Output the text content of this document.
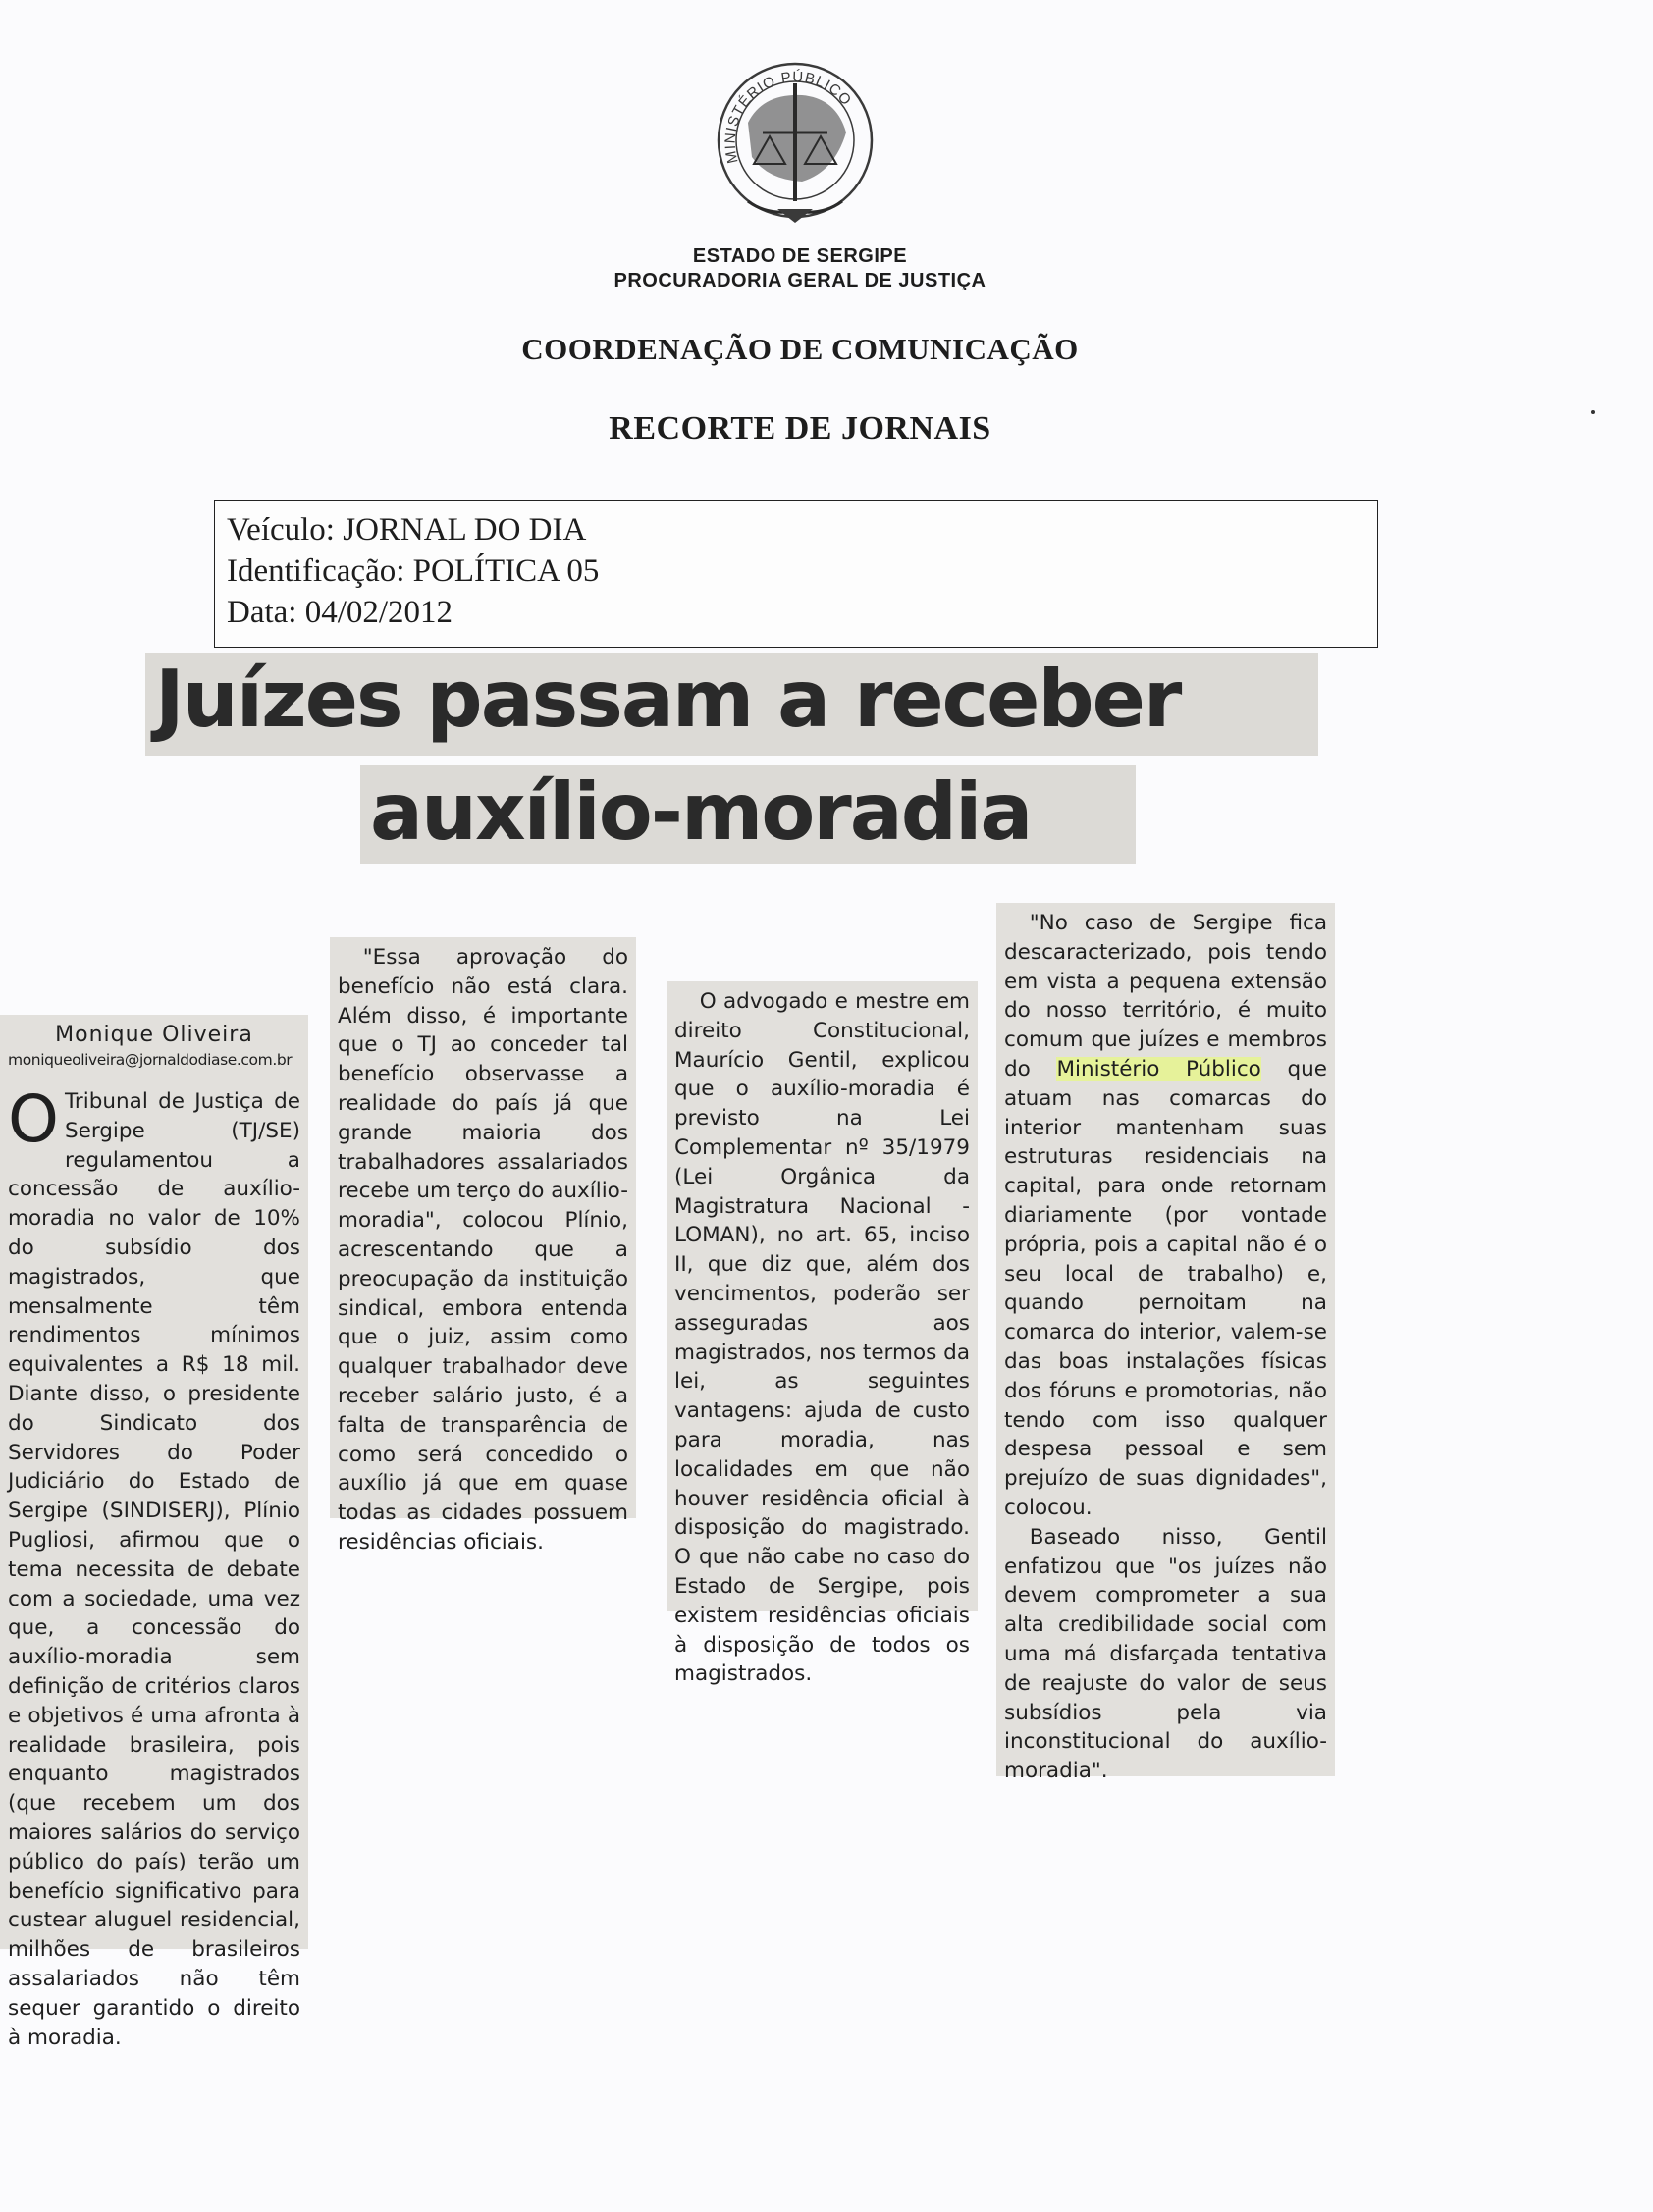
MINISTÉRIO PÚBLICO
ESTADO DE SERGIPE
PROCURADORIA GERAL DE JUSTIÇA
COORDENAÇÃO DE COMUNICAÇÃO
RECORTE DE JORNAIS
Veículo: JORNAL DO DIA
Identificação: POLÍTICA 05
Data: 04/02/2012
Juízes passam a receber
auxílio-moradia
Monique Oliveira
moniqueoliveira@jornaldodiase.com.br

O Tribunal de Justiça de Sergipe (TJ/SE) regulamentou a concessão de auxílio-moradia no valor de 10% do subsídio dos magistrados, que mensalmente têm rendimentos mínimos equivalentes a R$ 18 mil. Diante disso, o presidente do Sindicato dos Servidores do Poder Judiciário do Estado de Sergipe (SINDISERJ), Plínio Pugliosi, afirmou que o tema necessita de debate com a sociedade, uma vez que, a concessão do auxílio-moradia sem definição de critérios claros e objetivos é uma afronta à realidade brasileira, pois enquanto magistrados (que recebem um dos maiores salários do serviço público do país) terão um benefício significativo para custear aluguel residencial, milhões de brasileiros assalariados não têm sequer garantido o direito à moradia.

"Essa aprovação do benefício não está clara. Além disso, é importante que o TJ ao conceder tal benefício observasse a realidade do país já que grande maioria dos trabalhadores assalariados recebe um terço do auxílio-moradia", colocou Plínio, acrescentando que a preocupação da instituição sindical, embora entenda que o juiz, assim como qualquer trabalhador deve receber salário justo, é a falta de transparência de como será concedido o auxílio já que em quase todas as cidades possuem residências oficiais.

O advogado e mestre em direito Constitucional, Maurício Gentil, explicou que o auxílio-moradia é previsto na Lei Complementar nº 35/1979 (Lei Orgânica da Magistratura Nacional - LOMAN), no art. 65, inciso II, que diz que, além dos vencimentos, poderão ser asseguradas aos magistrados, nos termos da lei, as seguintes vantagens: ajuda de custo para moradia, nas localidades em que não houver residência oficial à disposição do magistrado. O que não cabe no caso do Estado de Sergipe, pois existem residências oficiais à disposição de todos os magistrados.

"No caso de Sergipe fica descaracterizado, pois tendo em vista a pequena extensão do nosso território, é muito comum que juízes e membros do Ministério Público que atuam nas comarcas do interior mantenham suas estruturas residenciais na capital, para onde retornam diariamente (por vontade própria, pois a capital não é o seu local de trabalho) e, quando pernoitam na comarca do interior, valem-se das boas instalações físicas dos fóruns e promotorias, não tendo com isso qualquer despesa pessoal e sem prejuízo de suas dignidades", colocou.

Baseado nisso, Gentil enfatizou que "os juízes não devem comprometer a sua alta credibilidade social com uma má disfarçada tentativa de reajuste do valor de seus subsídios pela via inconstitucional do auxílio-moradia".
